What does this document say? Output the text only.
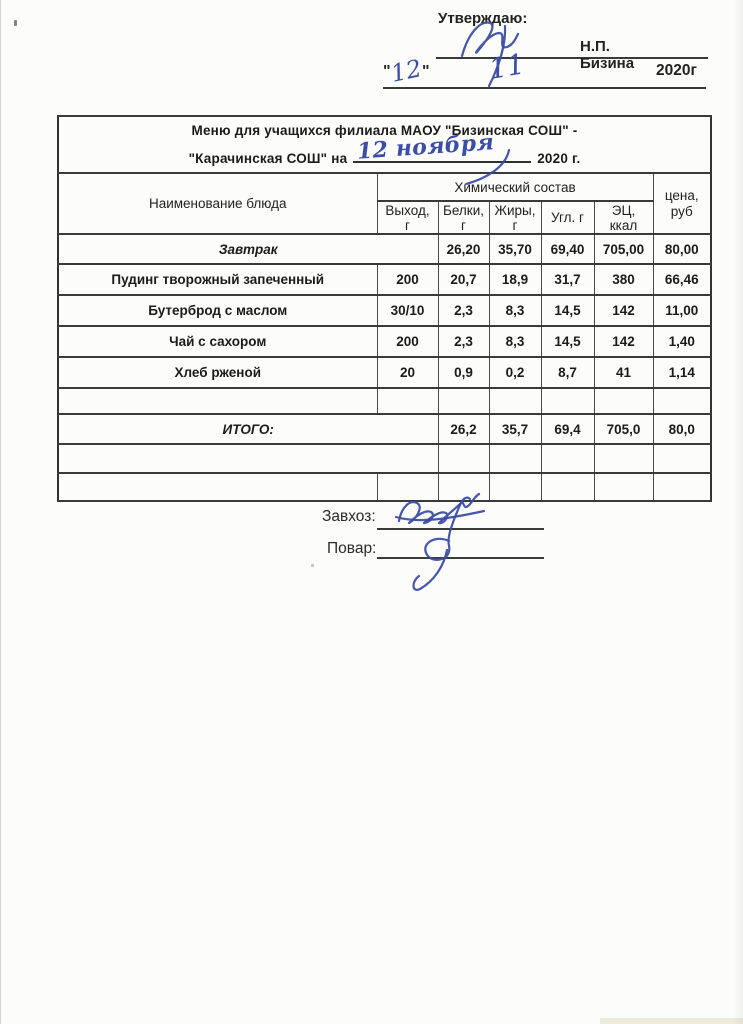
Утверждаю:
Н.П. Бизина
" "	2020г
12 11
Меню для учащихся филиала МАОУ "Бизинская СОШ" -
"Карачинская СОШ" на 12 ноября 2020 г.						

Наименование блюда	Химический состав					цена, руб
	Выход, г	Белки, г	Жиры, г	Угл. г	ЭЦ, ккал	
Завтрак		26,20	35,70	69,40	705,00	80,00
Пудинг творожный запеченный	200	20,7	18,9	31,7	380	66,46
Бутерброд с маслом	30/10	2,3	8,3	14,5	142	11,00
Чай с сахором	200	2,3	8,3	14,5	142	1,40
Хлеб рженой	20	0,9	0,2	8,7	41	1,14

ИТОГО:		26,2	35,7	69,4	705,0	80,0

Завхоз:
Повар:
